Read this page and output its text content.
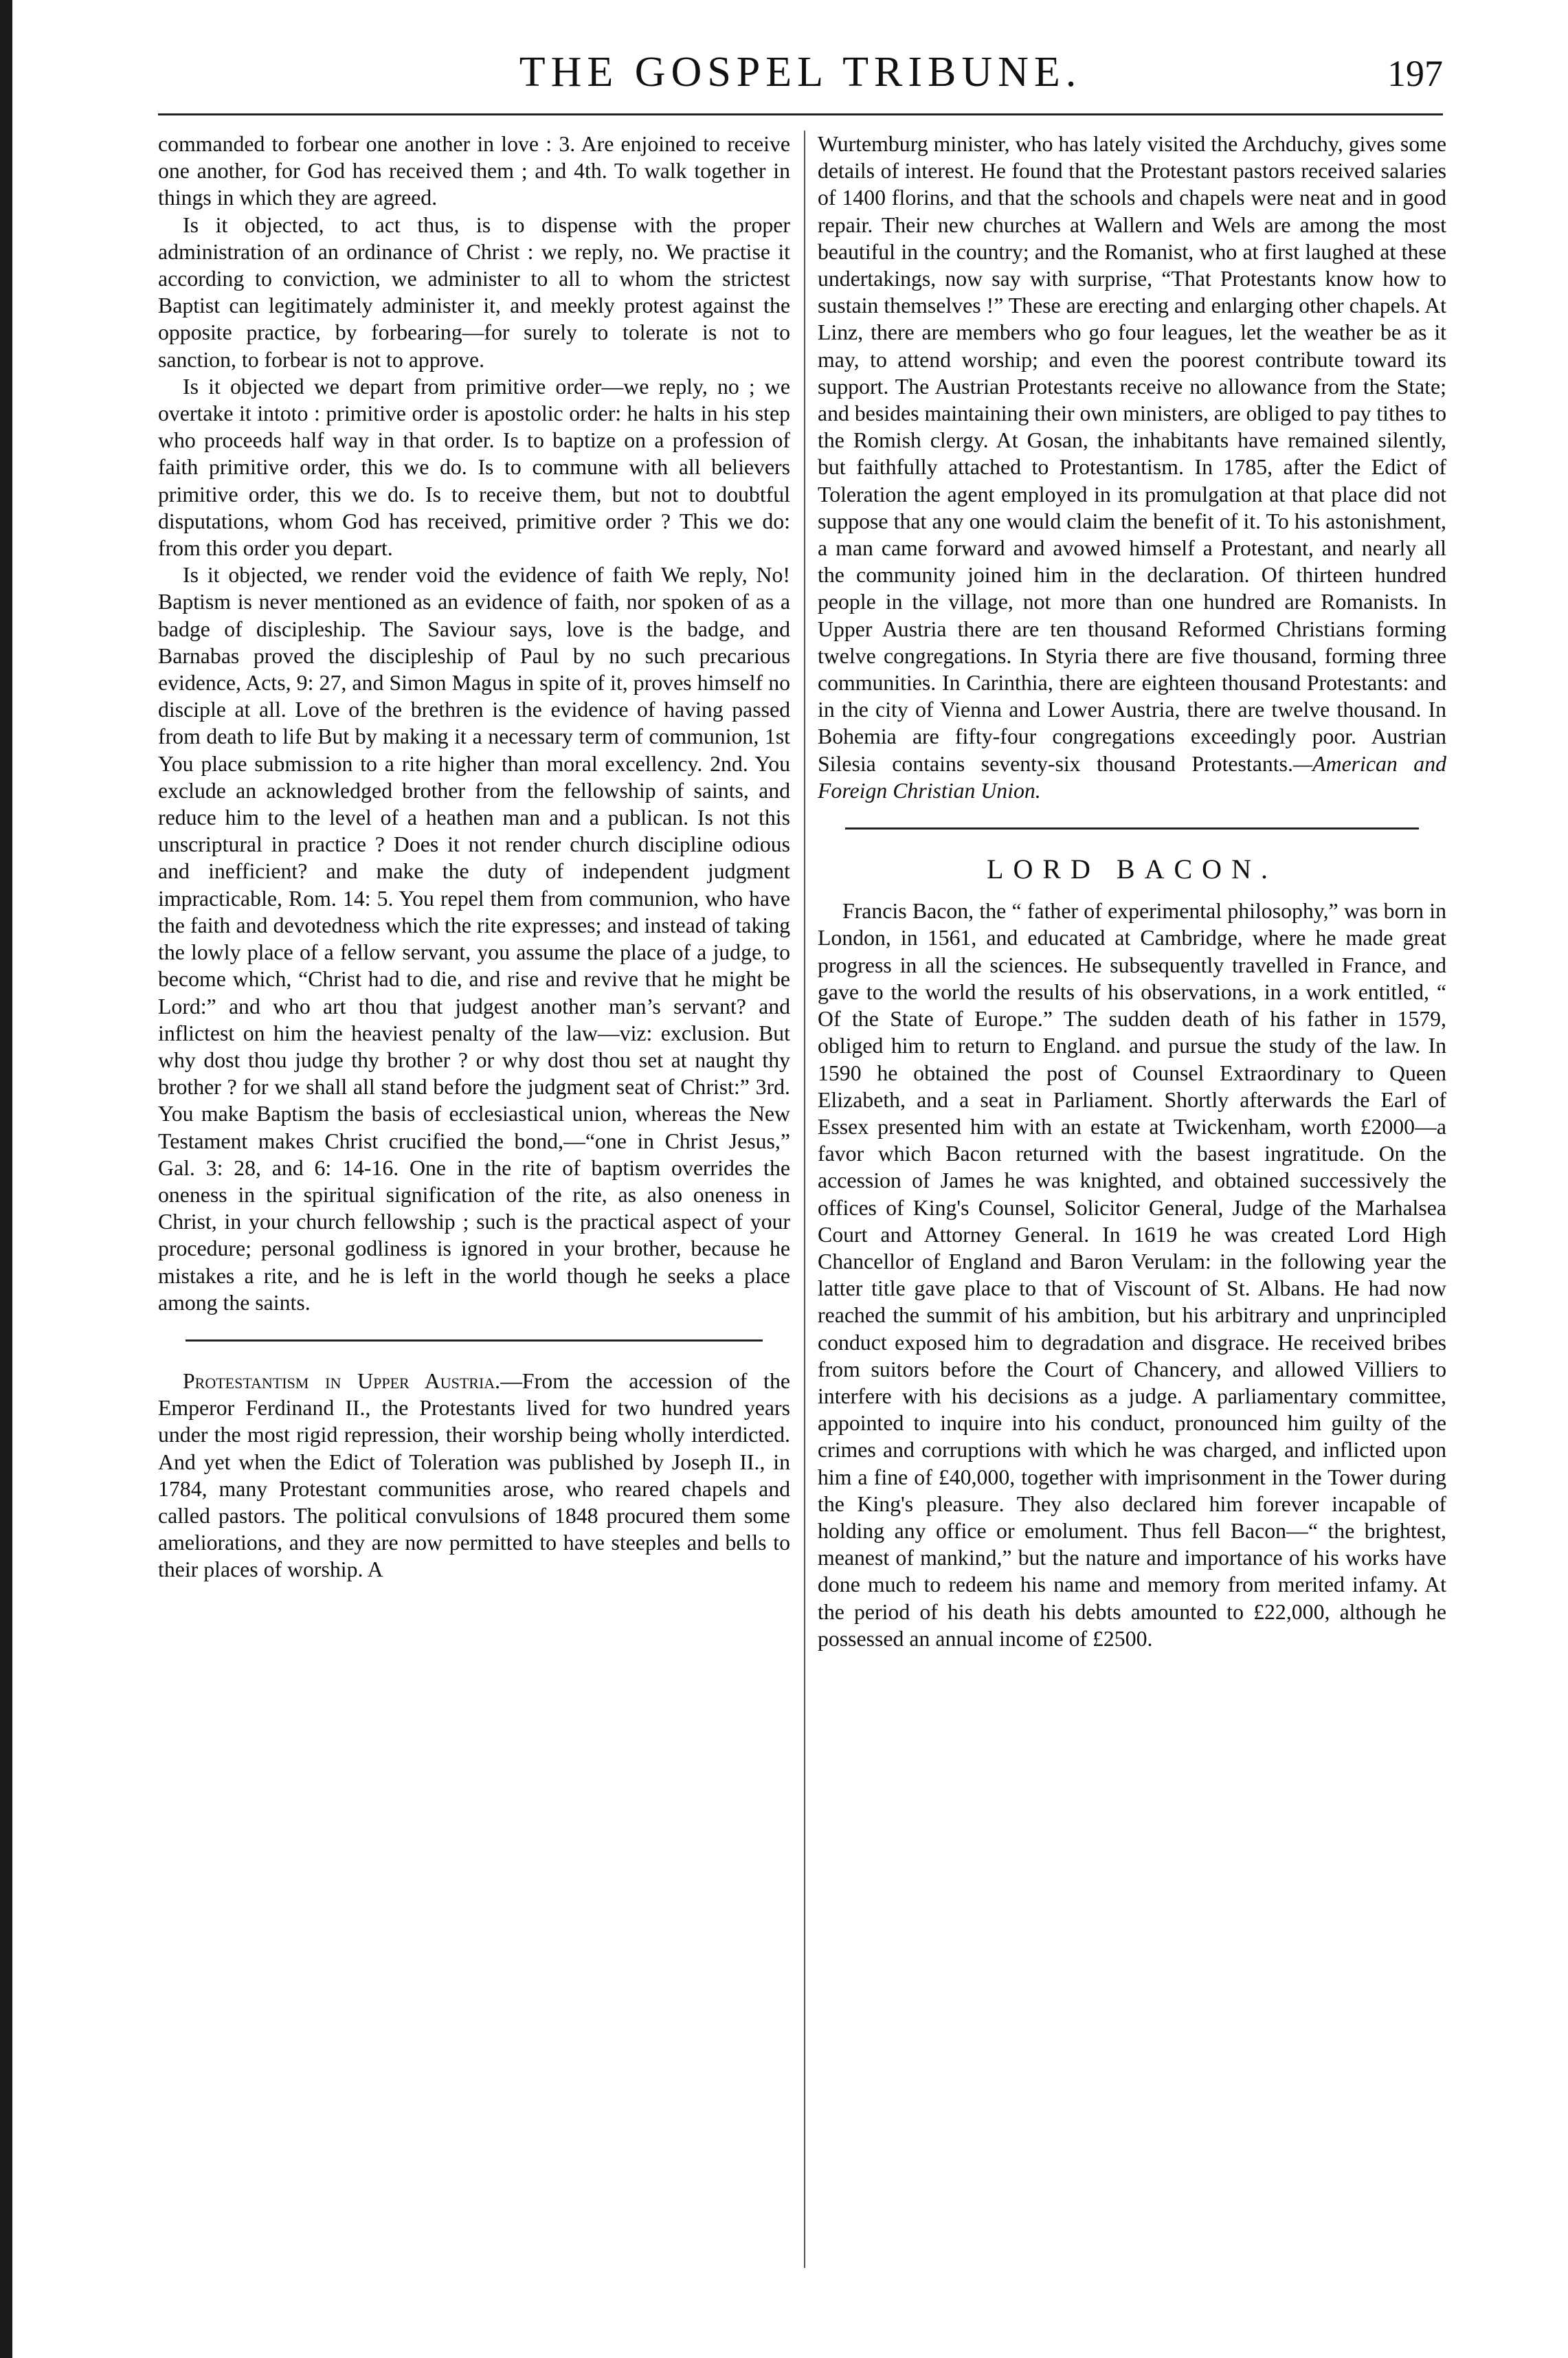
THE GOSPEL TRIBUNE.	197

commanded to forbear one another in love : 3. Are enjoined to receive one another, for God has received them ; and 4th. To walk together in things in which they are agreed.

Is it objected, to act thus, is to dispense with the proper administration of an ordinance of Christ : we reply, no. We practise it according to conviction, we administer to all to whom the strictest Baptist can legitimately administer it, and meekly protest against the opposite practice, by forbearing—for surely to tolerate is not to sanction, to forbear is not to approve.

Is it objected we depart from primitive order—we reply, no ; we overtake it intoto : primitive order is apostolic order: he halts in his step who proceeds half way in that order. Is to baptize on a profession of faith primitive order, this we do. Is to commune with all believers primitive order, this we do. Is to receive them, but not to doubtful disputations, whom God has received, primitive order ? This we do: from this order you depart.

Is it objected, we render void the evidence of faith We reply, No! Baptism is never mentioned as an evidence of faith, nor spoken of as a badge of discipleship. The Saviour says, love is the badge, and Barnabas proved the discipleship of Paul by no such precarious evidence, Acts, 9: 27, and Simon Magus in spite of it, proves himself no disciple at all. Love of the brethren is the evidence of having passed from death to life But by making it a necessary term of communion, 1st You place submission to a rite higher than moral excellency. 2nd. You exclude an acknowledged brother from the fellowship of saints, and reduce him to the level of a heathen man and a publican. Is not this unscriptural in practice ? Does it not render church discipline odious and inefficient? and make the duty of independent judgment impracticable, Rom. 14: 5. You repel them from communion, who have the faith and devotedness which the rite expresses; and instead of taking the lowly place of a fellow servant, you assume the place of a judge, to become which, “Christ had to die, and rise and revive that he might be Lord:” and who art thou that judgest another man’s servant? and inflictest on him the heaviest penalty of the law—viz: exclusion. But why dost thou judge thy brother ? or why dost thou set at naught thy brother ? for we shall all stand before the judgment seat of Christ:” 3rd. You make Baptism the basis of ecclesiastical union, whereas the New Testament makes Christ crucified the bond,—“one in Christ Jesus,” Gal. 3: 28, and 6: 14-16. One in the rite of baptism overrides the oneness in the spiritual signification of the rite, as also oneness in Christ, in your church fellowship ; such is the practical aspect of your procedure; personal godliness is ignored in your brother, because he mistakes a rite, and he is left in the world though he seeks a place among the saints.

Protestantism in Upper Austria.—From the accession of the Emperor Ferdinand II., the Protestants lived for two hundred years under the most rigid repression, their worship being wholly interdicted. And yet when the Edict of Toleration was published by Joseph II., in 1784, many Protestant communities arose, who reared chapels and called pastors. The political convulsions of 1848 procured them some ameliorations, and they are now permitted to have steeples and bells to their places of worship. A

Wurtemburg minister, who has lately visited the Archduchy, gives some details of interest. He found that the Protestant pastors received salaries of 1400 florins, and that the schools and chapels were neat and in good repair. Their new churches at Wallern and Wels are among the most beautiful in the country; and the Romanist, who at first laughed at these undertakings, now say with surprise, “That Protestants know how to sustain themselves !” These are erecting and enlarging other chapels. At Linz, there are members who go four leagues, let the weather be as it may, to attend worship; and even the poorest contribute toward its support. The Austrian Protestants receive no allowance from the State; and besides maintaining their own ministers, are obliged to pay tithes to the Romish clergy. At Gosan, the inhabitants have remained silently, but faithfully attached to Protestantism. In 1785, after the Edict of Toleration the agent employed in its promulgation at that place did not suppose that any one would claim the benefit of it. To his astonishment, a man came forward and avowed himself a Protestant, and nearly all the community joined him in the declaration. Of thirteen hundred people in the village, not more than one hundred are Romanists. In Upper Austria there are ten thousand Reformed Christians forming twelve congregations. In Styria there are five thousand, forming three communities. In Carinthia, there are eighteen thousand Protestants: and in the city of Vienna and Lower Austria, there are twelve thousand. In Bohemia are fifty-four congregations exceedingly poor. Austrian Silesia contains seventy-six thousand Protestants.—American and Foreign Christian Union.

LORD BACON.

Francis Bacon, the “ father of experimental philosophy,” was born in London, in 1561, and educated at Cambridge, where he made great progress in all the sciences. He subsequently travelled in France, and gave to the world the results of his observations, in a work entitled, “ Of the State of Europe.” The sudden death of his father in 1579, obliged him to return to England. and pursue the study of the law. In 1590 he obtained the post of Counsel Extraordinary to Queen Elizabeth, and a seat in Parliament. Shortly afterwards the Earl of Essex presented him with an estate at Twickenham, worth £2000—a favor which Bacon returned with the basest ingratitude. On the accession of James he was knighted, and obtained successively the offices of King's Counsel, Solicitor General, Judge of the Marhalsea Court and Attorney General. In 1619 he was created Lord High Chancellor of England and Baron Verulam: in the following year the latter title gave place to that of Viscount of St. Albans. He had now reached the summit of his ambition, but his arbitrary and unprincipled conduct exposed him to degradation and disgrace. He received bribes from suitors before the Court of Chancery, and allowed Villiers to interfere with his decisions as a judge. A parliamentary committee, appointed to inquire into his conduct, pronounced him guilty of the crimes and corruptions with which he was charged, and inflicted upon him a fine of £40,000, together with imprisonment in the Tower during the King's pleasure. They also declared him forever incapable of holding any office or emolument. Thus fell Bacon—“ the brightest, meanest of mankind,” but the nature and importance of his works have done much to redeem his name and memory from merited infamy. At the period of his death his debts amounted to £22,000, although he possessed an annual income of £2500.
